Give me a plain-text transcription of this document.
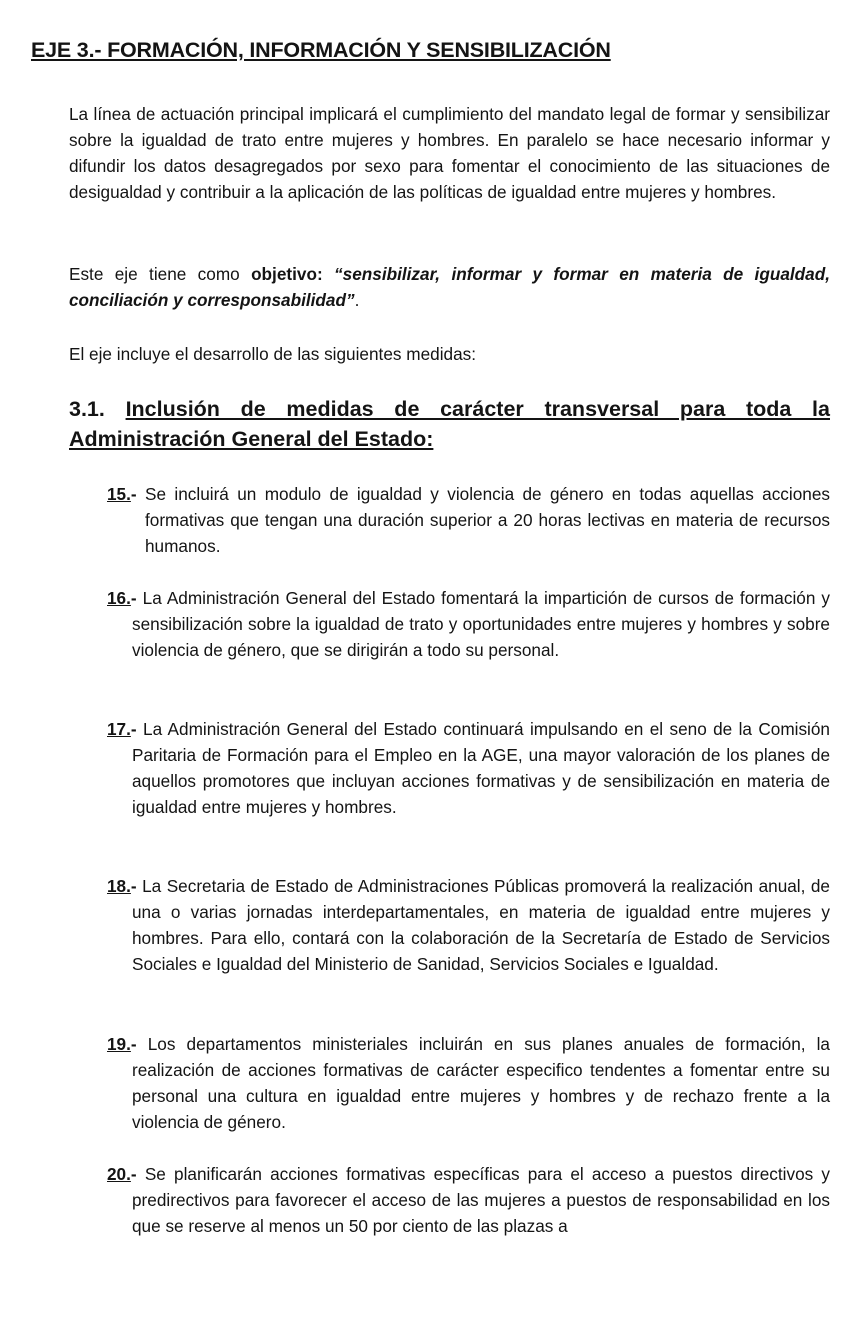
EJE 3.- FORMACIÓN, INFORMACIÓN Y SENSIBILIZACIÓN

La línea de actuación principal implicará el cumplimiento del mandato legal de formar y sensibilizar sobre la igualdad de trato entre mujeres y hombres. En paralelo se hace necesario informar y difundir los datos desagregados por sexo para fomentar el conocimiento de las situaciones de desigualdad y contribuir a la aplicación de las políticas de igualdad entre mujeres y hombres.

Este eje tiene como objetivo: “sensibilizar, informar y formar en materia de igualdad, conciliación y corresponsabilidad”.

El eje incluye el desarrollo de las siguientes medidas:

3.1. Inclusión de medidas de carácter transversal para toda la Administración General del Estado:

15.- Se incluirá un modulo de igualdad y violencia de género en todas aquellas acciones formativas que tengan una duración superior a 20 horas lectivas en materia de recursos humanos.

16.- La Administración General del Estado fomentará la impartición de cursos de formación y sensibilización sobre la igualdad de trato y oportunidades entre mujeres y hombres y sobre violencia de género, que se dirigirán a todo su personal.

17.- La Administración General del Estado continuará impulsando en el seno de la Comisión Paritaria de Formación para el Empleo en la AGE, una mayor valoración de los planes de aquellos promotores que incluyan acciones formativas y de sensibilización en materia de igualdad entre mujeres y hombres.

18.- La Secretaria de Estado de Administraciones Públicas promoverá la realización anual, de una o varias jornadas interdepartamentales, en materia de igualdad entre mujeres y hombres. Para ello, contará con la colaboración de la Secretaría de Estado de Servicios Sociales e Igualdad del Ministerio de Sanidad, Servicios Sociales e Igualdad.

19.- Los departamentos ministeriales incluirán en sus planes anuales de formación, la realización de acciones formativas de carácter especifico tendentes a fomentar entre su personal una cultura en igualdad entre mujeres y hombres y de rechazo frente a la violencia de género.

20.- Se planificarán acciones formativas específicas para el acceso a puestos directivos y predirectivos para favorecer el acceso de las mujeres a puestos de responsabilidad en los que se reserve al menos un 50 por ciento de las plazas a
